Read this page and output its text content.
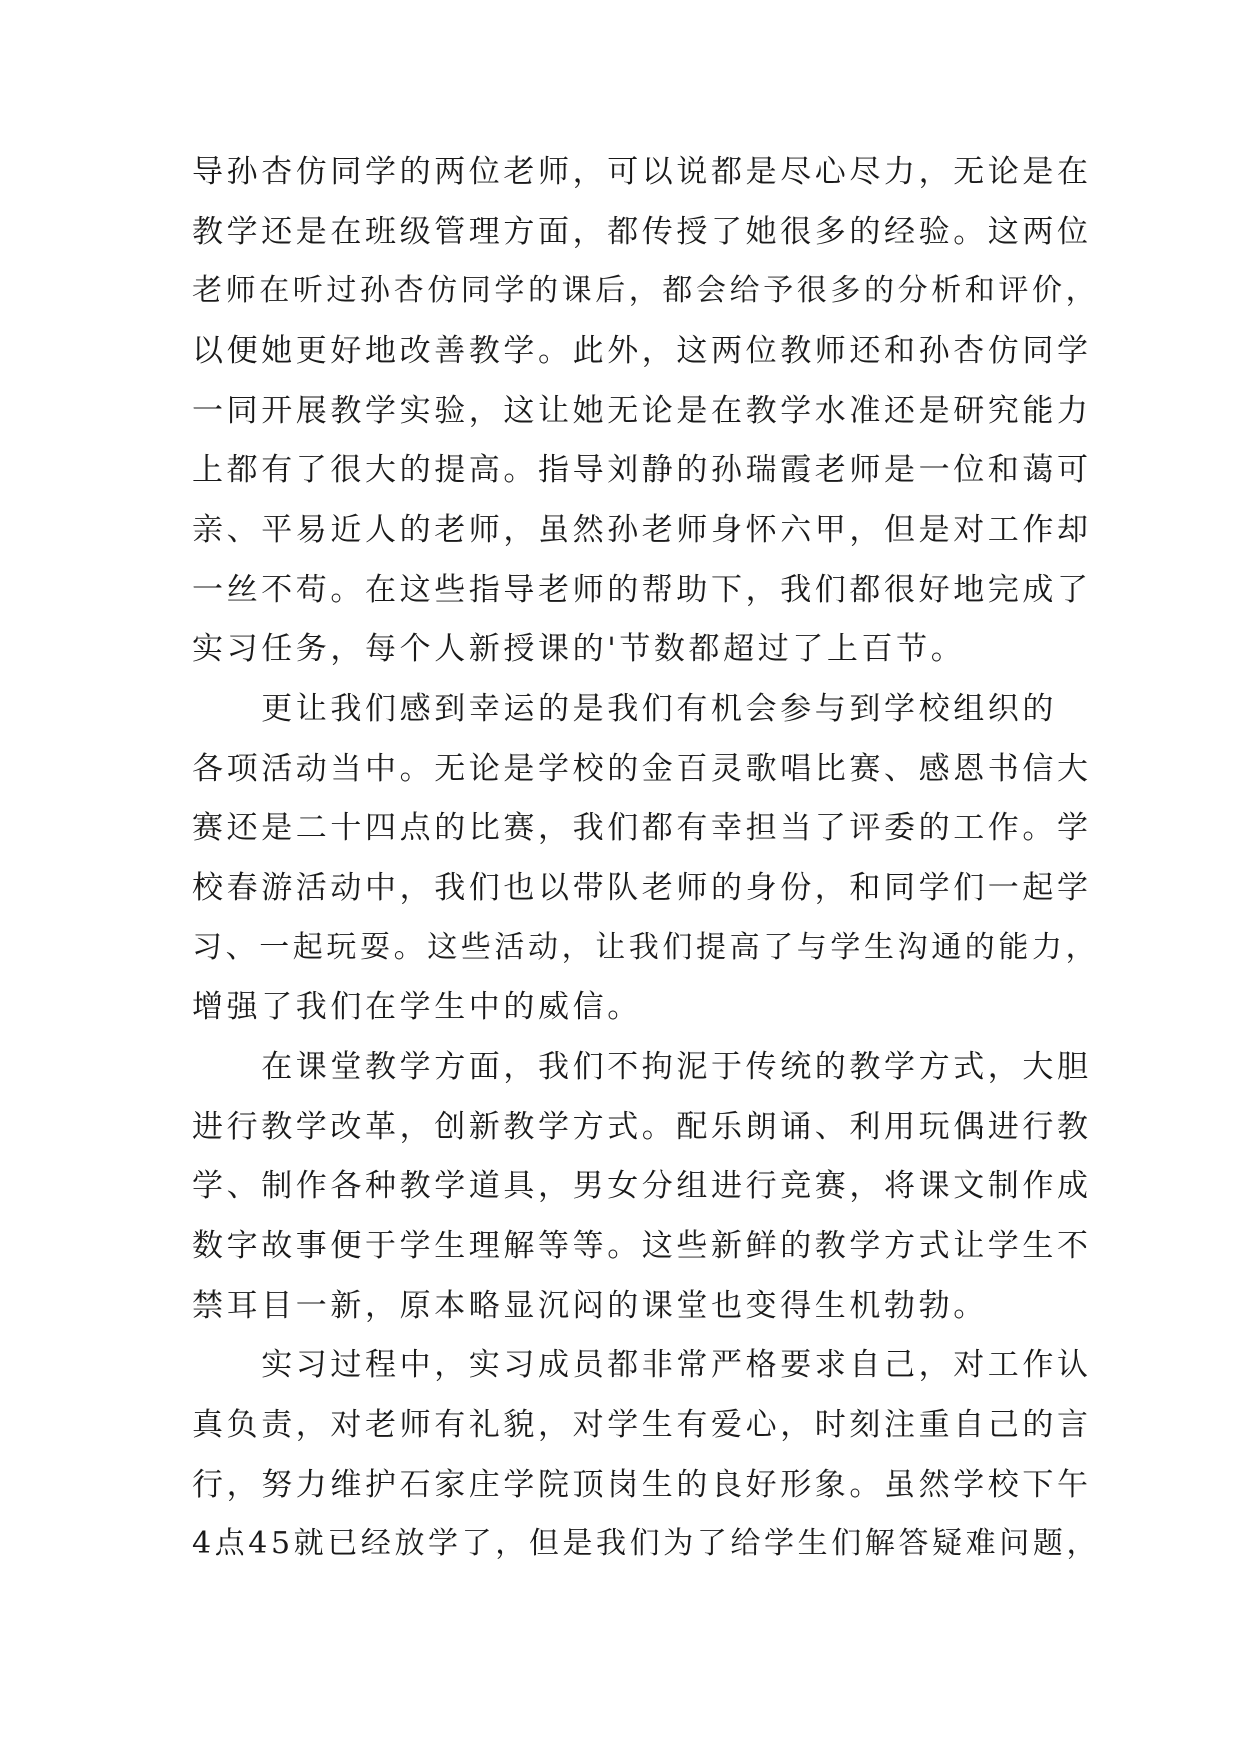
导孙杏仿同学的两位老师，可以说都是尽心尽力，无论是在
教学还是在班级管理方面，都传授了她很多的经验。这两位
老师在听过孙杏仿同学的课后，都会给予很多的分析和评价，
以便她更好地改善教学。此外，这两位教师还和孙杏仿同学
一同开展教学实验，这让她无论是在教学水准还是研究能力
上都有了很大的提高。指导刘静的孙瑞霞老师是一位和蔼可
亲、平易近人的老师，虽然孙老师身怀六甲，但是对工作却
一丝不苟。在这些指导老师的帮助下，我们都很好地完成了
实习任务，每个人新授课的'节数都超过了上百节。
　　更让我们感到幸运的是我们有机会参与到学校组织的
各项活动当中。无论是学校的金百灵歌唱比赛、感恩书信大
赛还是二十四点的比赛，我们都有幸担当了评委的工作。学
校春游活动中，我们也以带队老师的身份，和同学们一起学
习、一起玩耍。这些活动，让我们提高了与学生沟通的能力，
增强了我们在学生中的威信。
　　在课堂教学方面，我们不拘泥于传统的教学方式，大胆
进行教学改革，创新教学方式。配乐朗诵、利用玩偶进行教
学、制作各种教学道具，男女分组进行竞赛，将课文制作成
数字故事便于学生理解等等。这些新鲜的教学方式让学生不
禁耳目一新，原本略显沉闷的课堂也变得生机勃勃。
　　实习过程中，实习成员都非常严格要求自己，对工作认
真负责，对老师有礼貌，对学生有爱心，时刻注重自己的言
行，努力维护石家庄学院顶岗生的良好形象。虽然学校下午
4点45就已经放学了，但是我们为了给学生们解答疑难问题，
